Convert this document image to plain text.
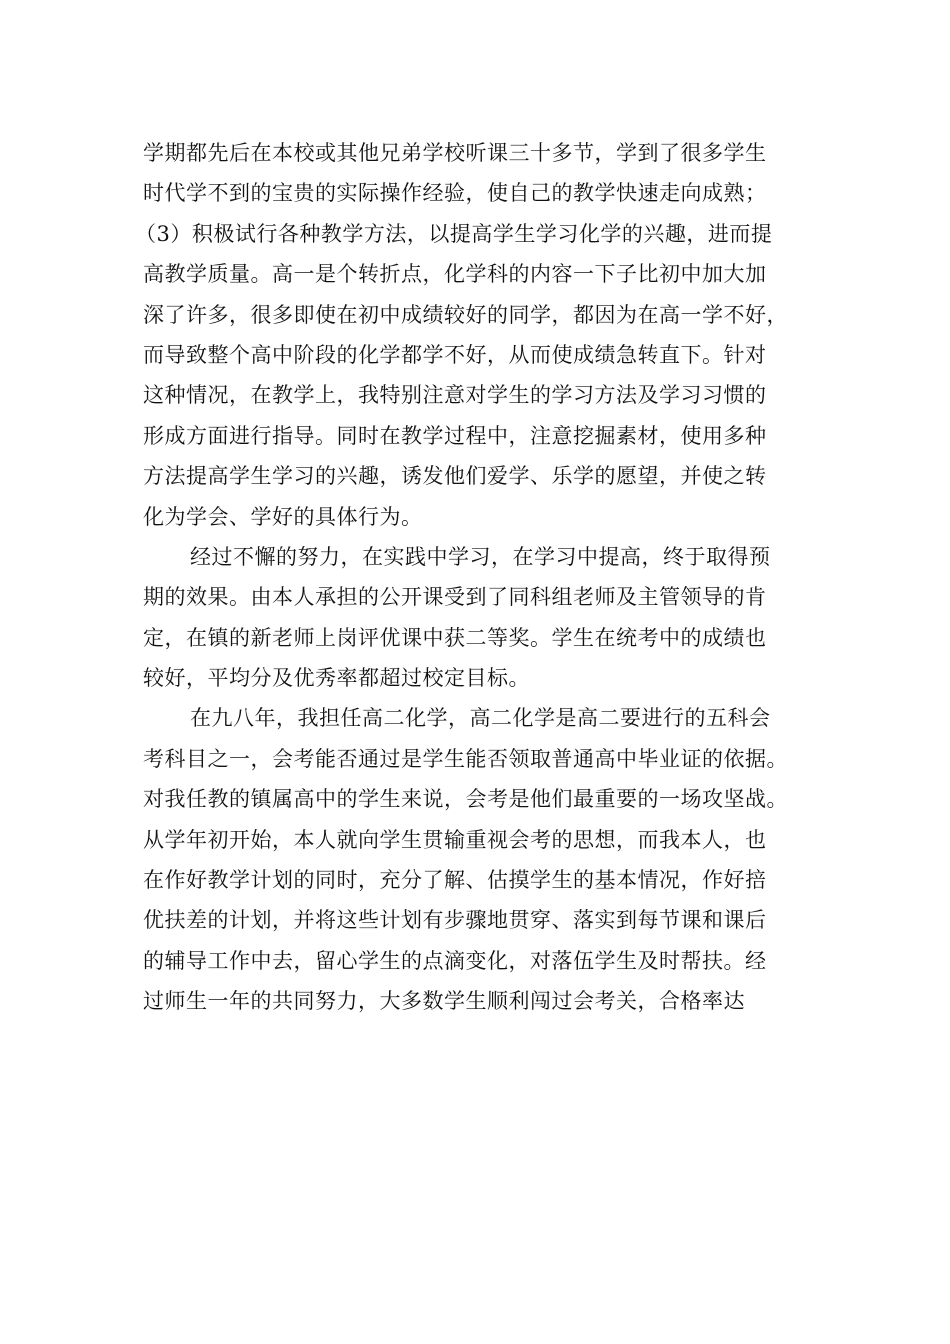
学期都先后在本校或其他兄弟学校听课三十多节，学到了很多学生
时代学不到的宝贵的实际操作经验，使自己的教学快速走向成熟；
（3）积极试行各种教学方法，以提高学生学习化学的兴趣，进而提
高教学质量。高一是个转折点，化学科的内容一下子比初中加大加
深了许多，很多即使在初中成绩较好的同学，都因为在高一学不好，
而导致整个高中阶段的化学都学不好，从而使成绩急转直下。针对
这种情况，在教学上，我特别注意对学生的学习方法及学习习惯的
形成方面进行指导。同时在教学过程中，注意挖掘素材，使用多种
方法提高学生学习的兴趣，诱发他们爱学、乐学的愿望，并使之转
化为学会、学好的具体行为。
经过不懈的努力，在实践中学习，在学习中提高，终于取得预
期的效果。由本人承担的公开课受到了同科组老师及主管领导的肯
定，在镇的新老师上岗评优课中获二等奖。学生在统考中的成绩也
较好，平均分及优秀率都超过校定目标。
在九八年，我担任高二化学，高二化学是高二要进行的五科会
考科目之一，会考能否通过是学生能否领取普通高中毕业证的依据。
对我任教的镇属高中的学生来说，会考是他们最重要的一场攻坚战。
从学年初开始，本人就向学生贯输重视会考的思想，而我本人，也
在作好教学计划的同时，充分了解、估摸学生的基本情况，作好掊
优扶差的计划，并将这些计划有步骤地贯穿、落实到每节课和课后
的辅导工作中去，留心学生的点滴变化，对落伍学生及时帮扶。经
过师生一年的共同努力，大多数学生顺利闯过会考关，合格率达
